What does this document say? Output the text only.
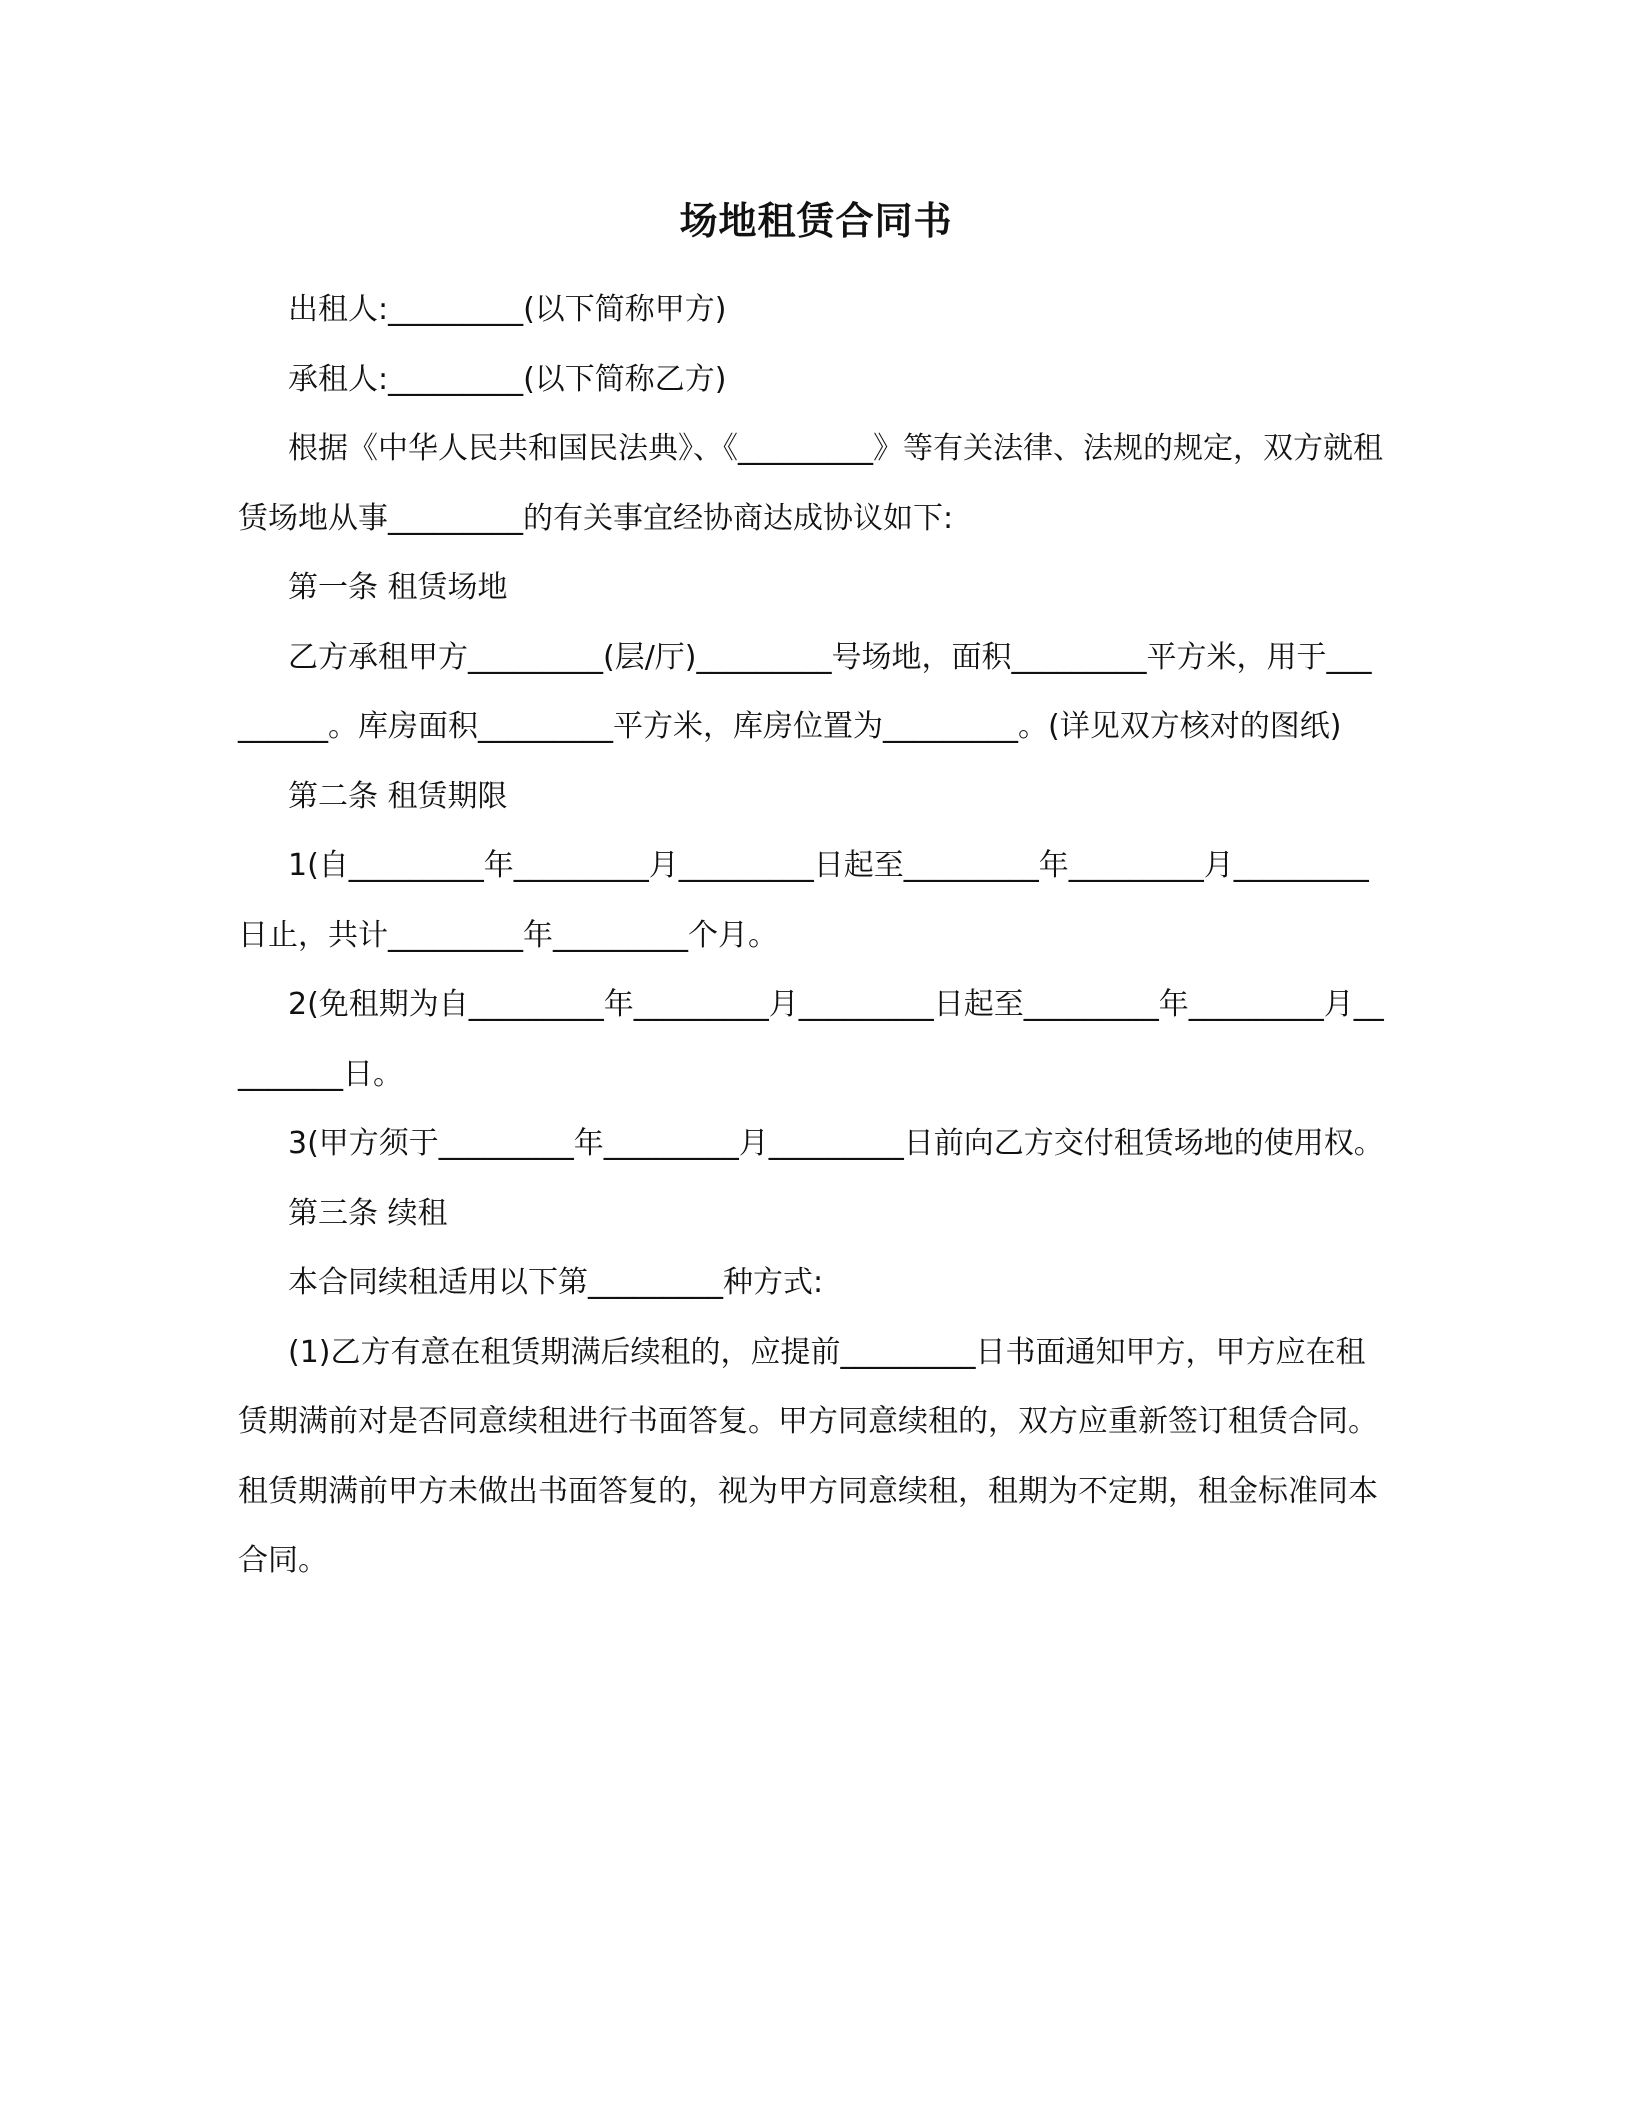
场地租赁合同书

出租人:_________(以下简称甲方)

承租人:_________(以下简称乙方)

根据《中华人民共和国民法典》、《_________》等有关法律、法规的规定，双方就租赁场地从事_________的有关事宜经协商达成协议如下:

第一条 租赁场地

乙方承租甲方_________(层/厅)_________号场地，面积_________平方米，用于_________。库房面积_________平方米，库房位置为_________。(详见双方核对的图纸)

第二条 租赁期限

1(自_________年_________月_________日起至_________年_________月_________日止，共计_________年_________个月。

2(免租期为自_________年_________月_________日起至_________年_________月_________日。

3(甲方须于_________年_________月_________日前向乙方交付租赁场地的使用权。

第三条 续租

本合同续租适用以下第_________种方式:

(1)乙方有意在租赁期满后续租的，应提前_________日书面通知甲方，甲方应在租赁期满前对是否同意续租进行书面答复。甲方同意续租的，双方应重新签订租赁合同。租赁期满前甲方未做出书面答复的，视为甲方同意续租，租期为不定期，租金标准同本合同。
